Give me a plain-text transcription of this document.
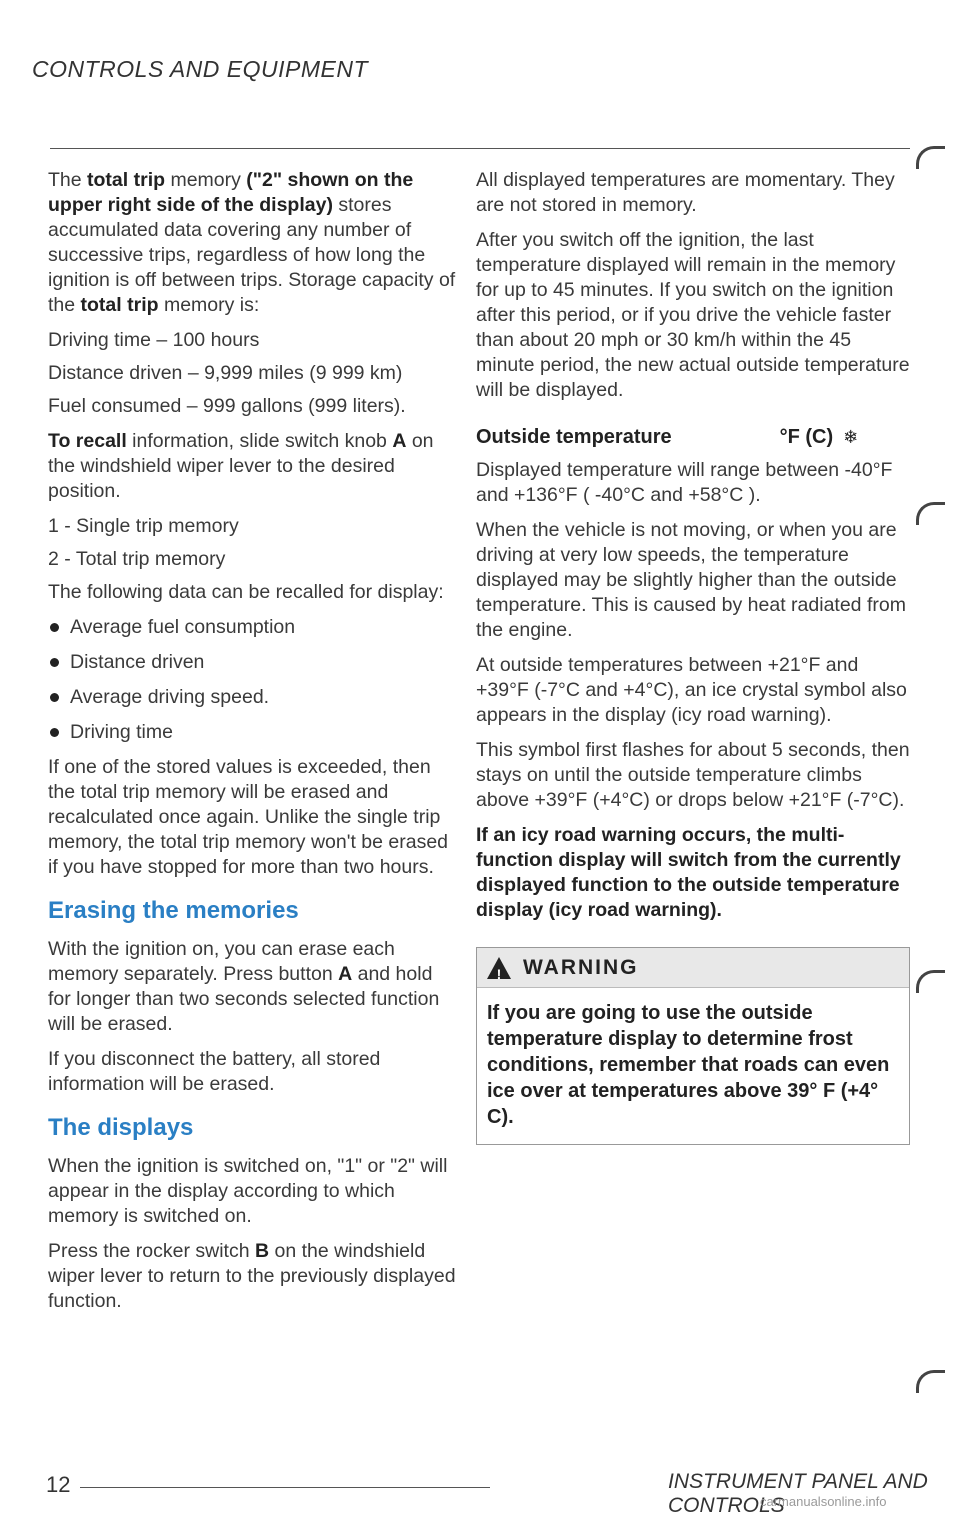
CONTROLS AND EQUIPMENT

The total trip memory ("2" shown on the upper right side of the display) stores accumulated data covering any number of successive trips, regardless of how long the ignition is off between trips. Storage capacity of the total trip memory is:

Driving time – 100 hours

Distance driven – 9,999 miles (9 999 km)

Fuel consumed – 999 gallons (999 liters).

To recall information, slide switch knob A on the windshield wiper lever to the desired position.

1 - Single trip memory

2 - Total trip memory

The following data can be recalled for display:

Average fuel consumption
Distance driven
Average driving speed.
Driving time

If one of the stored values is exceeded, then the total trip memory will be erased and recalculated once again. Unlike the single trip memory, the total trip memory won't be erased if you have stopped for more than two hours.

Erasing the memories

With the ignition on, you can erase each memory separately. Press button A and hold for longer than two seconds selected function will be erased.

If you disconnect the battery, all stored information will be erased.

The displays

When the ignition is switched on, "1" or "2" will appear in the display according to which memory is switched on.

Press the rocker switch B on the windshield wiper lever to return to the previously displayed function.

All displayed temperatures are momentary. They are not stored in memory.

After you switch off the ignition, the last temperature displayed will remain in the memory for up to 45 minutes. If you switch on the ignition after this period, or if you drive the vehicle faster than about 20 mph or 30 km/h within the 45 minute period, the new actual outside temperature will be displayed.

Outside temperature	°F (C) ❄

Displayed temperature will range between -40°F and +136°F ( -40°C and +58°C ).

When the vehicle is not moving, or when you are driving at very low speeds, the temperature displayed may be slightly higher than the outside temperature. This is caused by heat radiated from the engine.

At outside temperatures between +21°F and +39°F (-7°C and +4°C), an ice crystal symbol also appears in the display (icy road warning).

This symbol first flashes for about 5 seconds, then stays on until the outside temperature climbs above +39°F (+4°C) or drops below +21°F (-7°C).

If an icy road warning occurs, the multi-function display will switch from the currently displayed function to the outside temperature display (icy road warning).

! WARNING
If you are going to use the outside temperature display to determine frost conditions, remember that roads can even ice over at temperatures above 39° F (+4° C).
12	INSTRUMENT PANEL AND CONTROLS
carmanualsonline.info
